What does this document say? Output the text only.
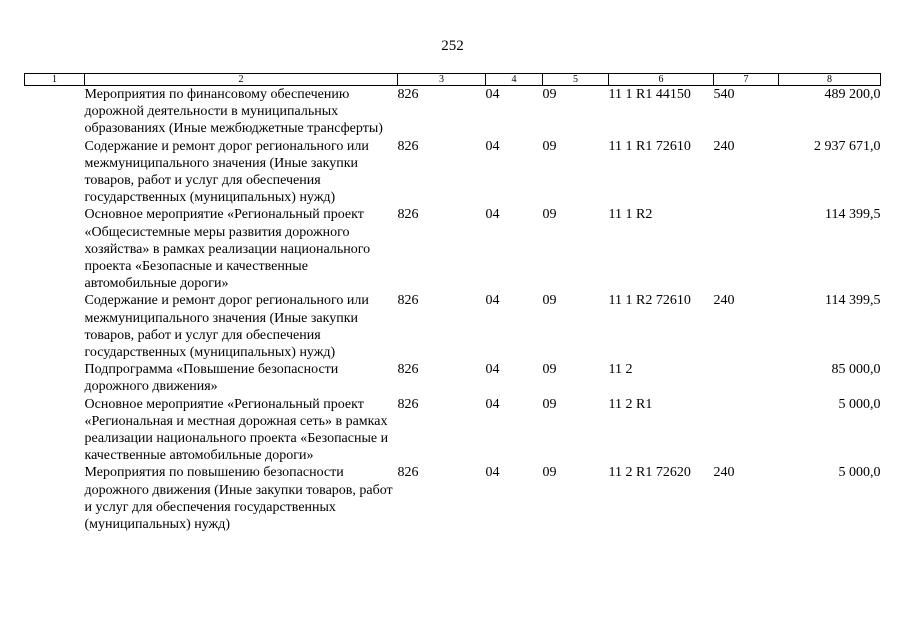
252
1	2	3	4	5	6	7	8
	Мероприятия по финансовому обеспечению дорожной деятельности в муниципальных образованиях (Иные межбюджетные трансферты)	826	04	09	11 1 R1 44150	540	489 200,0
	Содержание и ремонт дорог регионального или межмуниципального значения (Иные закупки товаров, работ и услуг для обеспечения государственных (муниципальных) нужд)	826	04	09	11 1 R1 72610	240	2 937 671,0
	Основное мероприятие «Региональный проект «Общесистемные меры развития дорожного хозяйства» в рамках реализации национального проекта «Безопасные и качественные автомобильные дороги»	826	04	09	11 1 R2		114 399,5
	Содержание и ремонт дорог регионального или межмуниципального значения (Иные закупки товаров, работ и услуг для обеспечения государственных (муниципальных) нужд)	826	04	09	11 1 R2 72610	240	114 399,5
	Подпрограмма «Повышение безопасности дорожного движения»	826	04	09	11 2		85 000,0
	Основное мероприятие «Региональный проект «Региональная и местная дорожная сеть» в рамках реализации национального проекта «Безопасные и качественные автомобильные дороги»	826	04	09	11 2 R1		5 000,0
	Мероприятия по повышению безопасности дорожного движения (Иные закупки товаров, работ и услуг для обеспечения государственных (муниципальных) нужд)	826	04	09	11 2 R1 72620	240	5 000,0
